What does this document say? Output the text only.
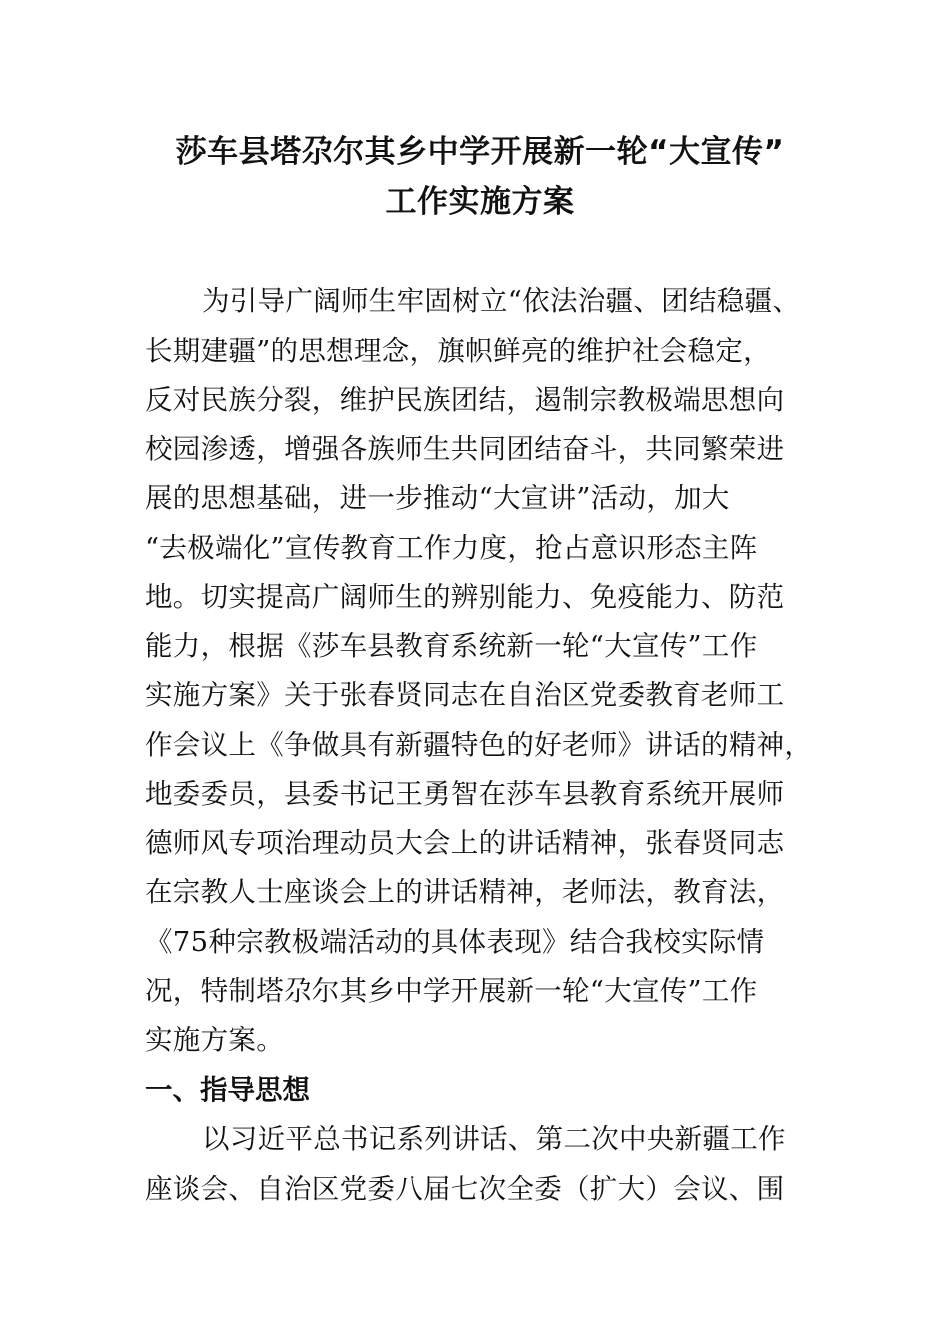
莎车县塔尕尔其乡中学开展新一轮“大宣传”
工作实施方案
为引导广阔师生牢固树立“依法治疆、团结稳疆、
长期建疆”的思想理念，旗帜鲜亮的维护社会稳定，
反对民族分裂，维护民族团结，遏制宗教极端思想向
校园渗透，增强各族师生共同团结奋斗，共同繁荣进
展的思想基础，进一步推动“大宣讲”活动，加大
“去极端化”宣传教育工作力度，抢占意识形态主阵
地。切实提高广阔师生的辨别能力、免疫能力、防范
能力，根据《莎车县教育系统新一轮“大宣传”工作
实施方案》关于张春贤同志在自治区党委教育老师工
作会议上《争做具有新疆特色的好老师》讲话的精神，
地委委员，县委书记王勇智在莎车县教育系统开展师
德师风专项治理动员大会上的讲话精神，张春贤同志
在宗教人士座谈会上的讲话精神，老师法，教育法，
《75种宗教极端活动的具体表现》结合我校实际情
况，特制塔尕尔其乡中学开展新一轮“大宣传”工作
实施方案。
一、指导思想
以习近平总书记系列讲话、第二次中央新疆工作
座谈会、自治区党委八届七次全委（扩大）会议、围
